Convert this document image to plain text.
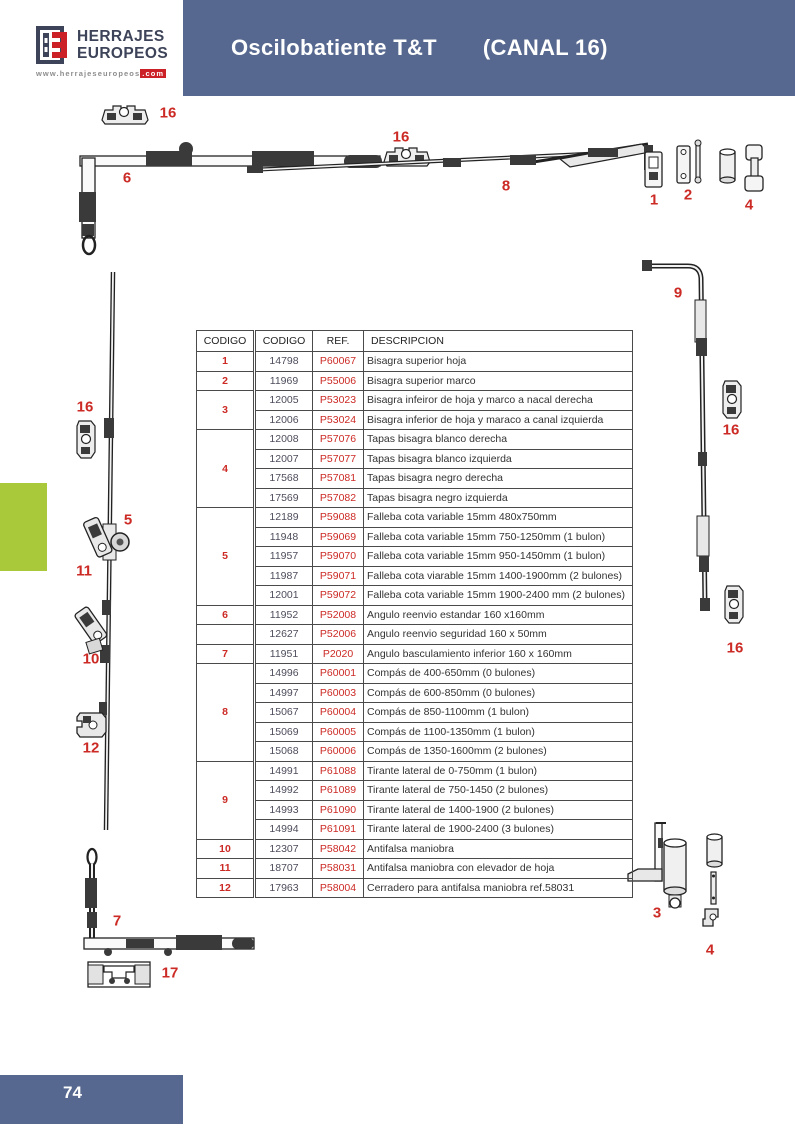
HERRAJES
EUROPEOS
www.herrajeseuropeos .com
Oscilobatiente T&T (CANAL 16)
16
6
16
8
1 2
4
9
16
16
5
11
16
10
12
3
7
4
17
CODIGO	CODIGO	REF.	DESCRIPCION
1	14798	P60067	Bisagra superior hoja
2	11969	P55006	Bisagra superior marco
3	12005	P53023	Bisagra infeiror de hoja y marco a nacal derecha
	12006	P53024	Bisagra inferior de hoja y maraco a canal izquierda
4	12008	P57076	Tapas bisagra blanco derecha
	12007	P57077	Tapas bisagra blanco izquierda
	17568	P57081	Tapas bisagra negro derecha
	17569	P57082	Tapas bisagra negro izquierda
5	12189	P59088	Falleba cota variable 15mm 480x750mm
	11948	P59069	Falleba cota variable 15mm 750-1250mm (1 bulon)
	11957	P59070	Falleba cota variable 15mm 950-1450mm (1 bulon)
	11987	P59071	Falleba cota viarable 15mm 1400-1900mm (2 bulones)
	12001	P59072	Falleba cota variable 15mm 1900-2400 mm (2 bulones)
6	11952	P52008	Angulo reenvio estandar 160 x160mm
	12627	P52006	Angulo reenvio seguridad 160 x 50mm
7	11951	P2020	Angulo basculamiento inferior 160 x 160mm
8	14996	P60001	Compás de 400-650mm (0 bulones)
	14997	P60003	Compás de 600-850mm (0 bulones)
	15067	P60004	Compás de 850-1100mm (1 bulon)
	15069	P60005	Compás de 1100-1350mm (1 bulon)
	15068	P60006	Compás de 1350-1600mm (2 bulones)
9	14991	P61088	Tirante lateral de 0-750mm (1 bulon)
	14992	P61089	Tirante lateral de 750-1450 (2 bulones)
	14993	P61090	Tirante lateral de 1400-1900 (2 bulones)
	14994	P61091	Tirante lateral de 1900-2400 (3 bulones)
10	12307	P58042	Antifalsa maniobra
11	18707	P58031	Antifalsa maniobra con elevador de hoja
12	17963	P58004	Cerradero para antifalsa maniobra ref.58031
74
